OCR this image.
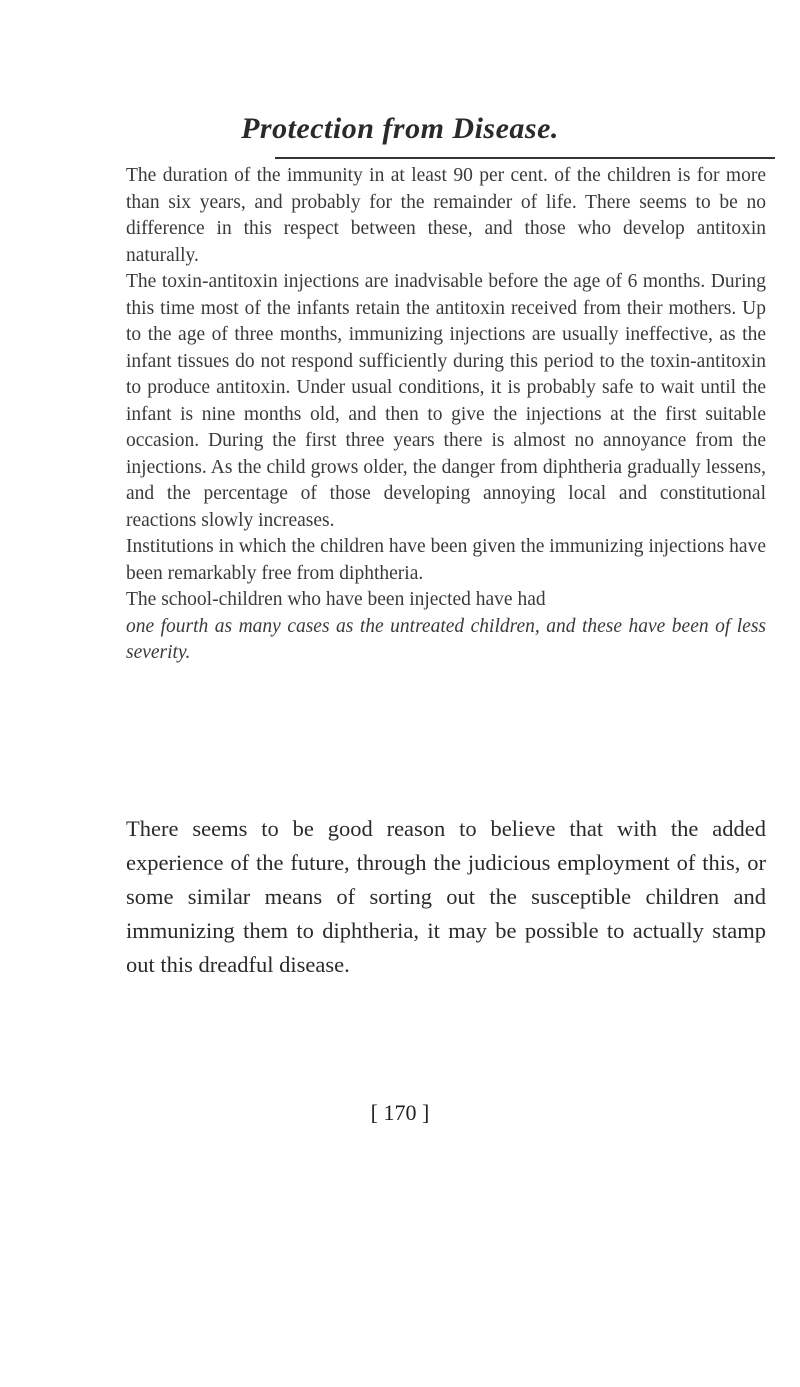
Protection from Disease.

The duration of the immunity in at least 90 per cent. of the children is for more than six years, and probably for the remainder of life. There seems to be no difference in this respect between these, and those who develop antitoxin naturally.

The toxin-antitoxin injections are inadvisable before the age of 6 months. During this time most of the infants retain the antitoxin received from their mothers. Up to the age of three months, immunizing injections are usually ineffective, as the infant tissues do not respond sufficiently during this period to the toxin-antitoxin to produce antitoxin. Under usual conditions, it is probably safe to wait until the infant is nine months old, and then to give the injections at the first suitable occasion. During the first three years there is almost no annoyance from the injections. As the child grows older, the danger from diphtheria gradually lessens, and the percentage of those developing annoying local and constitutional reactions slowly increases.

Institutions in which the children have been given the immunizing injections have been remarkably free from diphtheria.

The school-children who have been injected have had

one fourth as many cases as the untreated children, and these have been of less severity.

There seems to be good reason to believe that with the added experience of the future, through the judicious employment of this, or some similar means of sorting out the susceptible children and immunizing them to diphtheria, it may be possible to actually stamp out this dreadful disease.

[ 170 ]
